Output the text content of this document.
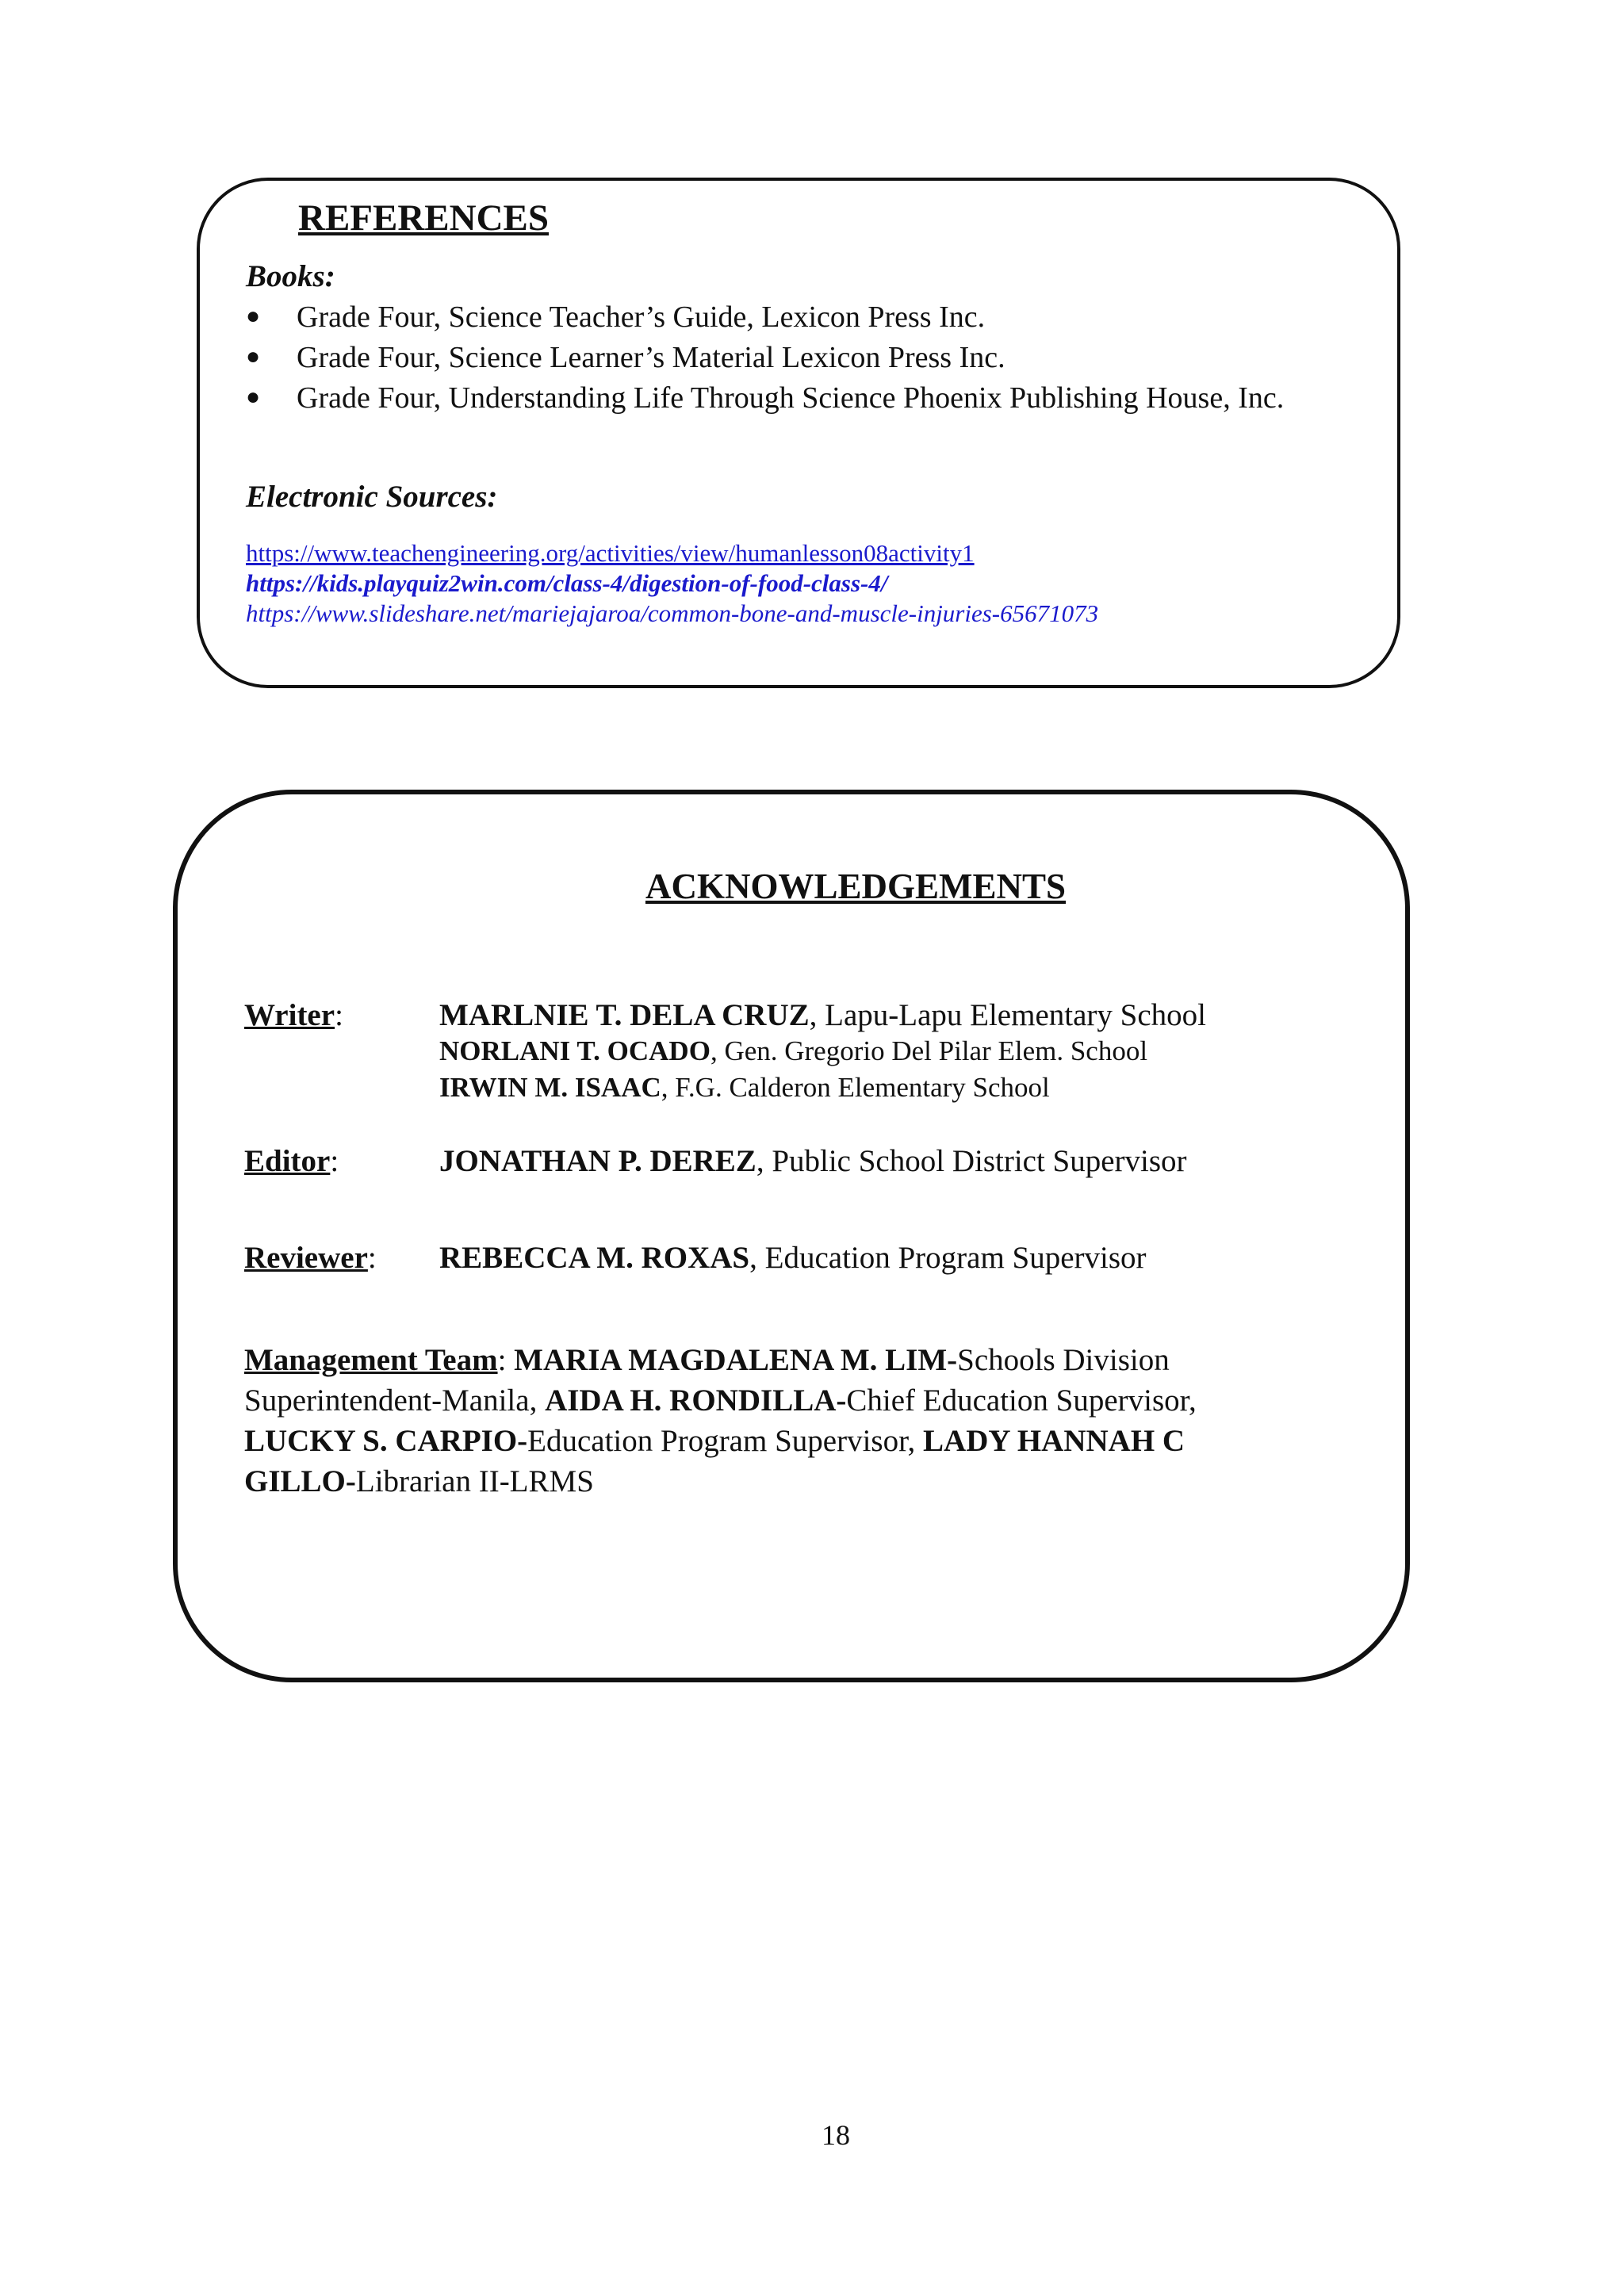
REFERENCES
Books:
● Grade Four, Science Teacher’s Guide, Lexicon Press Inc.
● Grade Four, Science Learner’s Material Lexicon Press Inc.
● Grade Four, Understanding Life Through Science Phoenix Publishing House, Inc.
Electronic Sources:
https://www.teachengineering.org/activities/view/humanlesson08activity1
https://kids.playquiz2win.com/class-4/digestion-of-food-class-4/
https://www.slideshare.net/mariejajaroa/common-bone-and-muscle-injuries-65671073
ACKNOWLEDGEMENTS
Writer:	MARLNIE T. DELA CRUZ, Lapu-Lapu Elementary School
NORLANI T. OCADO, Gen. Gregorio Del Pilar Elem. School
IRWIN M. ISAAC, F.G. Calderon Elementary School
Editor:	JONATHAN P. DEREZ, Public School District Supervisor
Reviewer: REBECCA M. ROXAS, Education Program Supervisor
Management Team: MARIA MAGDALENA M. LIM-Schools Division Superintendent-Manila, AIDA H. RONDILLA-Chief Education Supervisor, LUCKY S. CARPIO-Education Program Supervisor, LADY HANNAH C GILLO-Librarian II-LRMS
18
